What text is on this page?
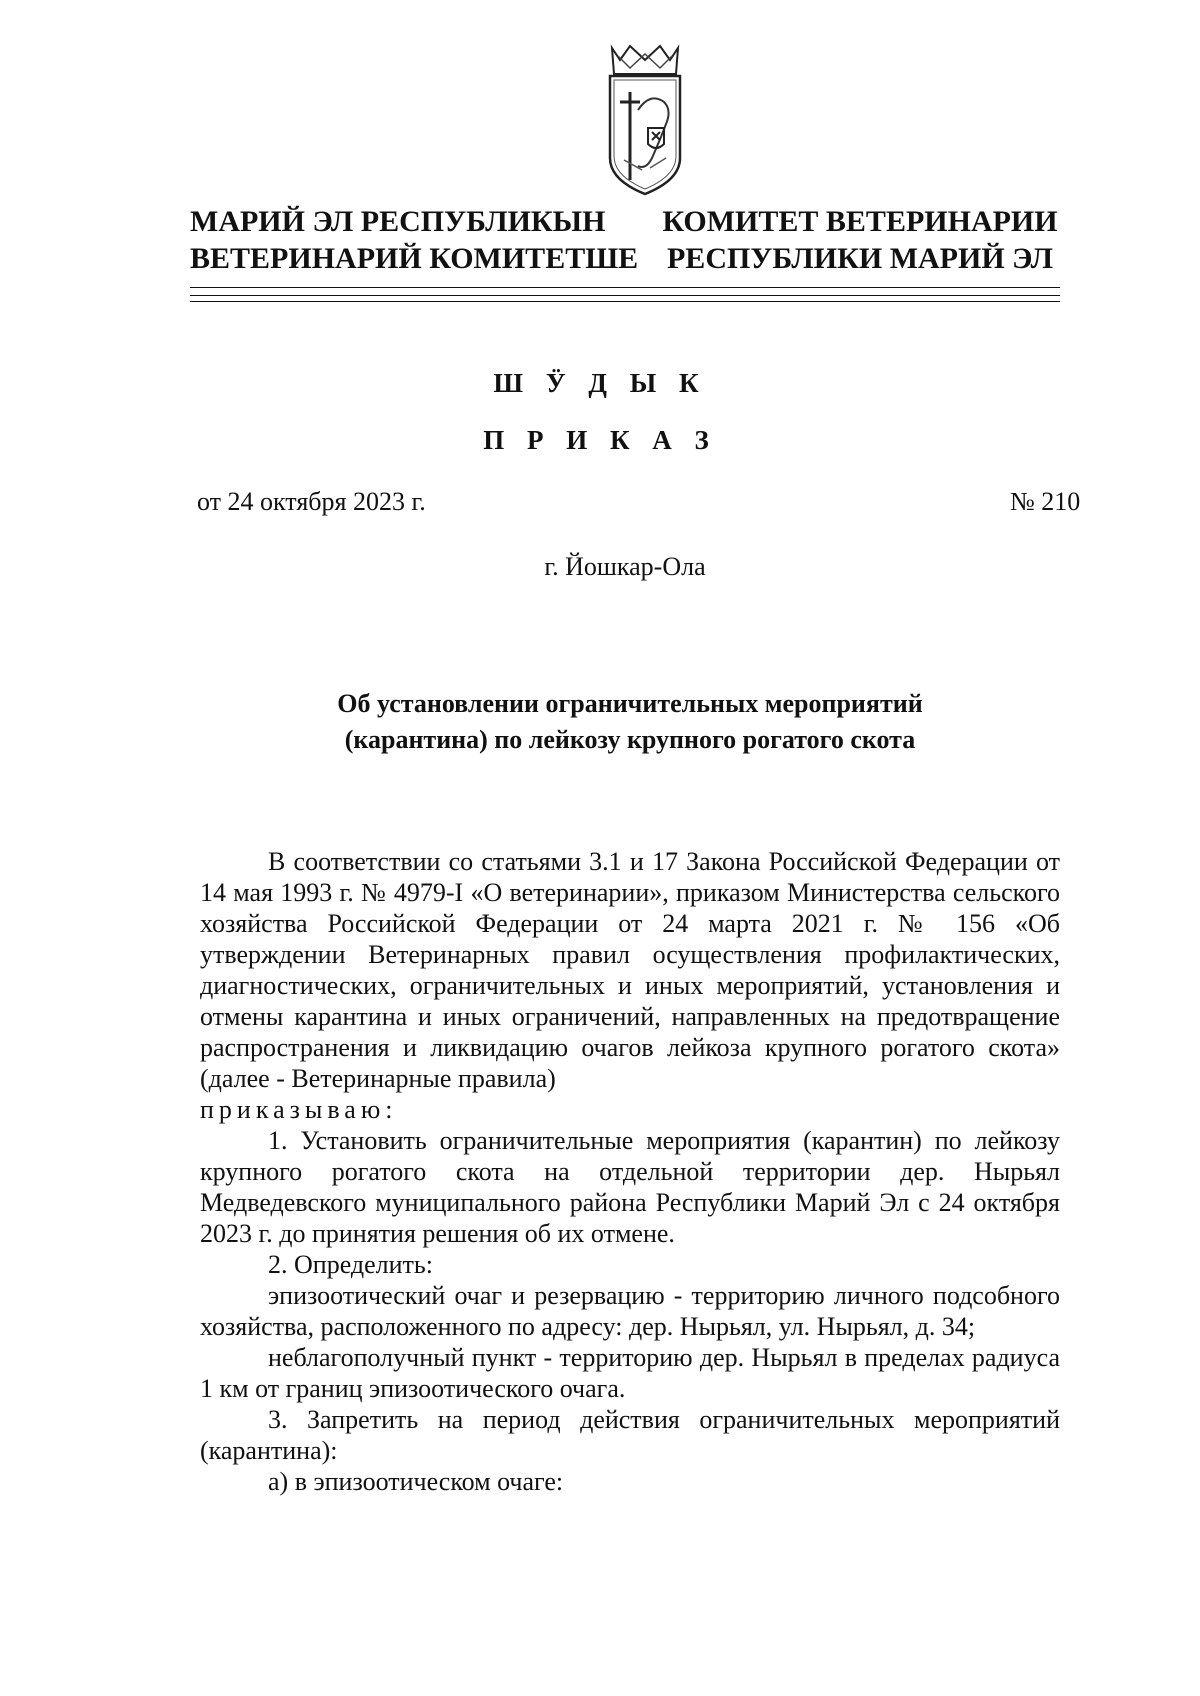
МАРИЙ ЭЛ РЕСПУБЛИКЫН
ВЕТЕРИНАРИЙ КОМИТЕТШЕ
КОМИТЕТ ВЕТЕРИНАРИИ
РЕСПУБЛИКИ МАРИЙ ЭЛ
Ш Ӱ Д Ы К
П Р И К А З
от 24 октября 2023 г.	№ 210
г. Йошкар-Ола
Об установлении ограничительных мероприятий
(карантина) по лейкозу крупного рогатого скота

В соответствии со статьями 3.1 и 17 Закона Российской Федерации от 14 мая 1993 г. № 4979-I «О ветеринарии», приказом Министерства сельского хозяйства Российской Федерации от 24 марта 2021 г. № 156 «Об утверждении Ветеринарных правил осуществления профилактических, диагностических, ограничительных и иных мероприятий, установления и отмены карантина и иных ограничений, направленных на предотвращение распространения и ликвидацию очагов лейкоза крупного рогатого скота» (далее - Ветеринарные правила)

приказываю:

1. Установить ограничительные мероприятия (карантин) по лейкозу крупного рогатого скота на отдельной территории дер. Нырьял Медведевского муниципального района Республики Марий Эл с 24 октября 2023 г. до принятия решения об их отмене.

2. Определить:

эпизоотический очаг и резервацию - территорию личного подсобного хозяйства, расположенного по адресу: дер. Нырьял, ул. Нырьял, д. 34;

неблагополучный пункт - территорию дер. Нырьял в пределах радиуса 1 км от границ эпизоотического очага.

3. Запретить на период действия ограничительных мероприятий (карантина):

а) в эпизоотическом очаге:
